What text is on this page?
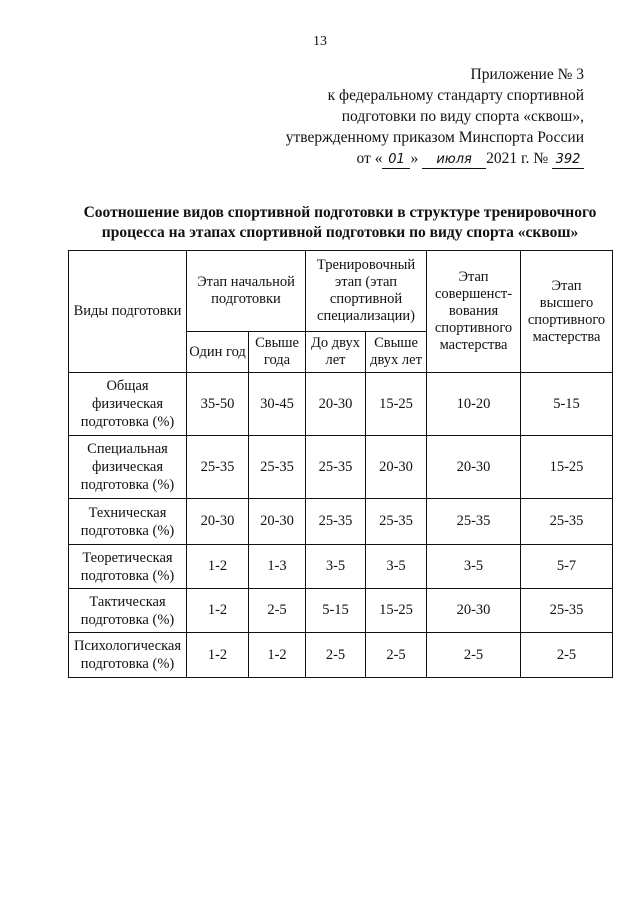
13
Приложение № 3
к федеральному стандарту спортивной
подготовки по виду спорта «сквош»,
утвержденному приказом Минспорта России
от « 01 » июля 2021 г. № 392
Соотношение видов спортивной подготовки в структуре тренировочного процесса на этапах спортивной подготовки по виду спорта «сквош»
Виды подготовки	Этап начальной подготовки		Тренировочный этап (этап спортивной специализации)		Этап совершенст-вования спортивного мастерства	Этап высшего спортивного мастерства
	Один год	Свыше года	До двух лет	Свыше двух лет		
Общая физическая подготовка (%)	35-50	30-45	20-30	15-25	10-20	5-15
Специальная физическая подготовка (%)	25-35	25-35	25-35	20-30	20-30	15-25
Техническая подготовка (%)	20-30	20-30	25-35	25-35	25-35	25-35
Теоретическая подготовка (%)	1-2	1-3	3-5	3-5	3-5	5-7
Тактическая подготовка (%)	1-2	2-5	5-15	15-25	20-30	25-35
Психологическая подготовка (%)	1-2	1-2	2-5	2-5	2-5	2-5
